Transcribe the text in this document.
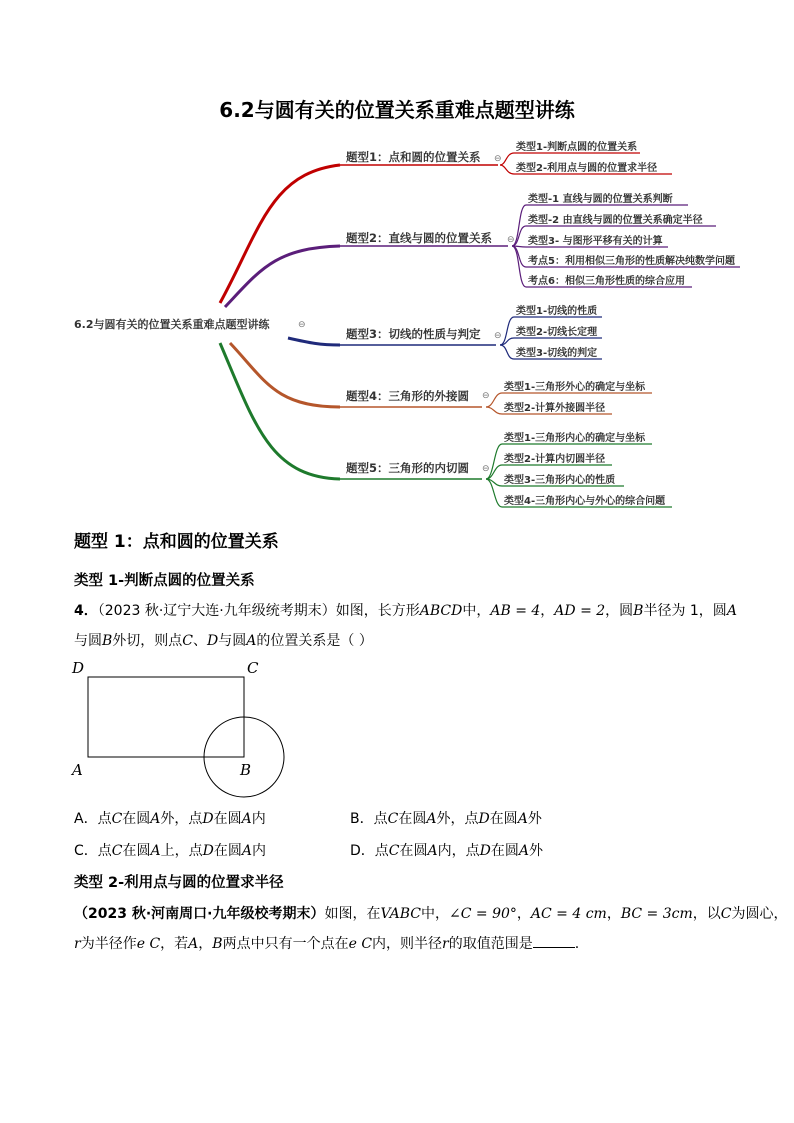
6.2与圆有关的位置关系重难点题型讲练
6.2与圆有关的位置关系重难点题型讲练	⊖
题型1：点和圆的位置关系 ⊖
题型2：直线与圆的位置关系 ⊖
题型3：切线的性质与判定 ⊖
题型4：三角形的外接圆 ⊖
题型5：三角形的内切圆 ⊖
类型1-判断点圆的位置关系
类型2-利用点与圆的位置求半径
类型-1 直线与圆的位置关系判断
类型-2 由直线与圆的位置关系确定半径
类型3- 与图形平移有关的计算
考点5：利用相似三角形的性质解决纯数学问题
考点6：相似三角形性质的综合应用
类型1-切线的性质
类型2-切线长定理
类型3-切线的判定
类型1-三角形外心的确定与坐标
类型2-计算外接圆半径
类型1-三角形内心的确定与坐标
类型2-计算内切圆半径
类型3-三角形内心的性质
类型4-三角形内心与外心的综合问题
题型 1：点和圆的位置关系
类型 1-判断点圆的位置关系
4．（2023 秋·辽宁大连·九年级统考期末）如图，长方形ABCD中，AB = 4，AD = 2，圆B半径为 1，圆A
与圆B外切，则点C、D与圆A的位置关系是（ ）
D	C
A	B
A．点C在圆A外，点D在圆A内	B．点C在圆A外，点D在圆A外
C．点C在圆A上，点D在圆A内	D．点C在圆A内，点D在圆A外
类型 2-利用点与圆的位置求半径
（2023 秋·河南周口·九年级校考期末）如图，在VABC中，∠C = 90°，AC = 4 cm，BC = 3cm，以C为圆心，
r为半径作e C，若A，B两点中只有一个点在e C内，则半径r的取值范围是	.
